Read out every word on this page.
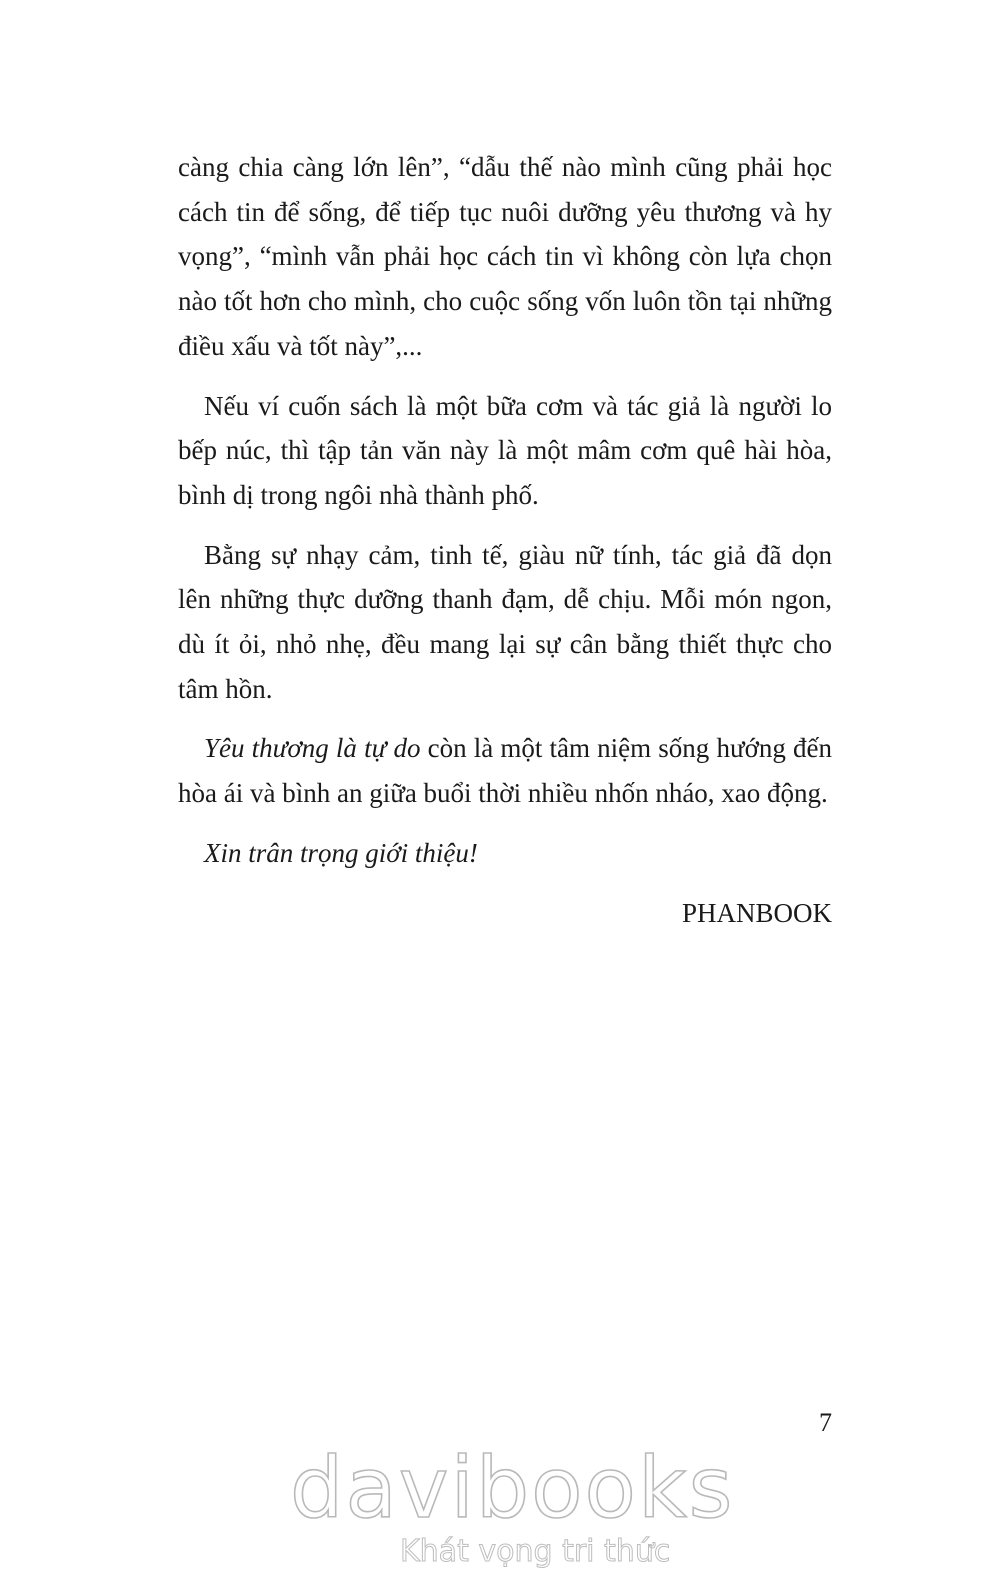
càng chia càng lớn lên”, “dẫu thế nào mình cũng phải học cách tin để sống, để tiếp tục nuôi dưỡng yêu thương và hy vọng”, “mình vẫn phải học cách tin vì không còn lựa chọn nào tốt hơn cho mình, cho cuộc sống vốn luôn tồn tại những điều xấu và tốt này”,...

Nếu ví cuốn sách là một bữa cơm và tác giả là người lo bếp núc, thì tập tản văn này là một mâm cơm quê hài hòa, bình dị trong ngôi nhà thành phố.

Bằng sự nhạy cảm, tinh tế, giàu nữ tính, tác giả đã dọn lên những thực dưỡng thanh đạm, dễ chịu. Mỗi món ngon, dù ít ỏi, nhỏ nhẹ, đều mang lại sự cân bằng thiết thực cho tâm hồn.

Yêu thương là tự do còn là một tâm niệm sống hướng đến hòa ái và bình an giữa buổi thời nhiều nhốn nháo, xao động.

Xin trân trọng giới thiệu!

PHANBOOK

7
davibooks
Khát vọng tri thức
